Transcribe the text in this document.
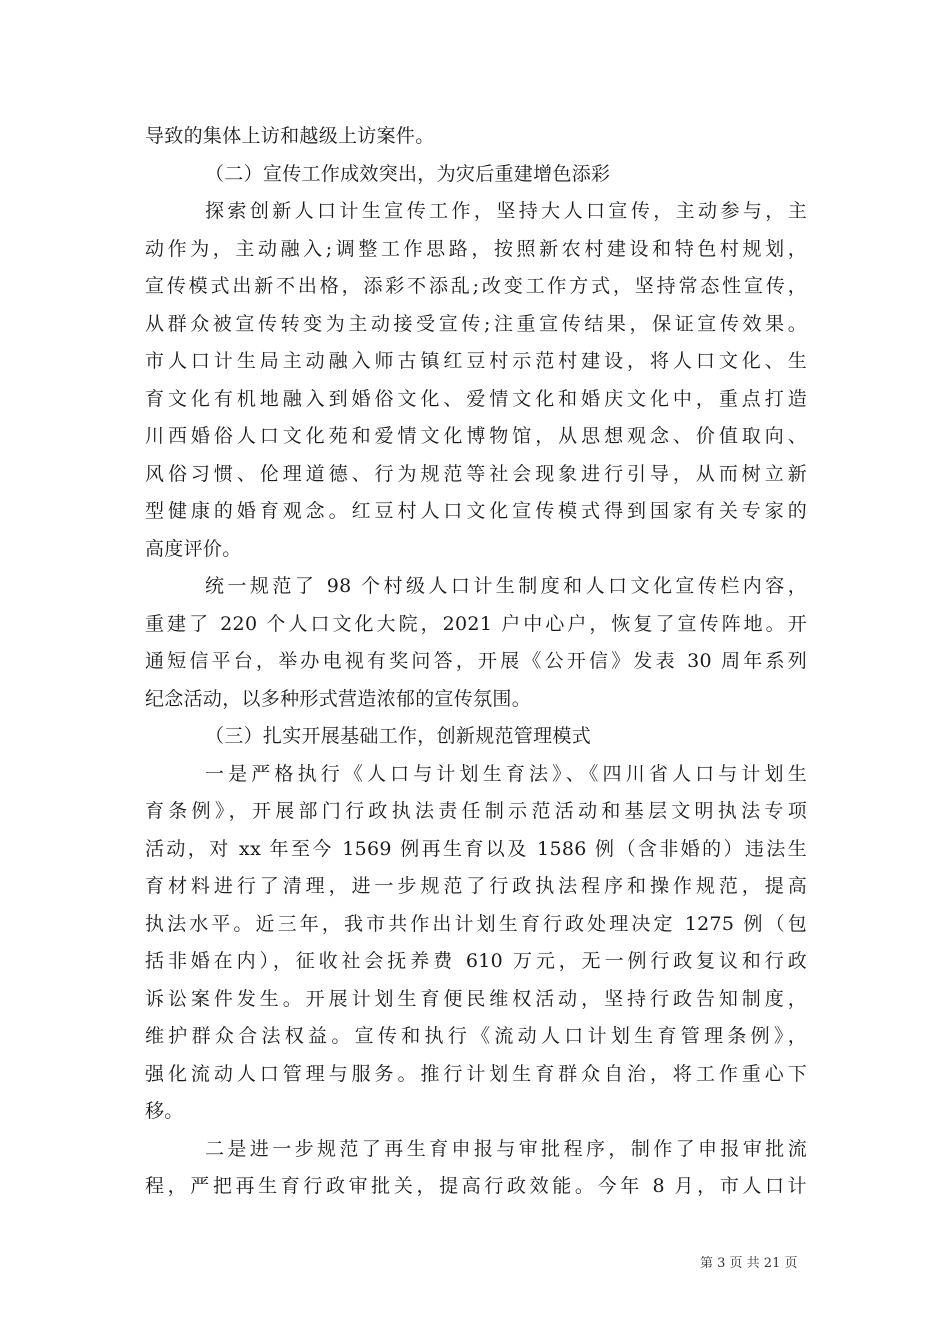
导致的集体上访和越级上访案件。
（二）宣传工作成效突出，为灾后重建增色添彩
探索创新人口计生宣传工作，坚持大人口宣传，主动参与，主
动作为，主动融入;调整工作思路，按照新农村建设和特色村规划，
宣传模式出新不出格，添彩不添乱;改变工作方式，坚持常态性宣传，
从群众被宣传转变为主动接受宣传;注重宣传结果，保证宣传效果。
市人口计生局主动融入师古镇红豆村示范村建设，将人口文化、生
育文化有机地融入到婚俗文化、爱情文化和婚庆文化中，重点打造
川西婚俗人口文化苑和爱情文化博物馆，从思想观念、价值取向、
风俗习惯、伦理道德、行为规范等社会现象进行引导，从而树立新
型健康的婚育观念。红豆村人口文化宣传模式得到国家有关专家的
高度评价。
统一规范了 98 个村级人口计生制度和人口文化宣传栏内容，
重建了 220 个人口文化大院，2021 户中心户，恢复了宣传阵地。开
通短信平台，举办电视有奖问答，开展《公开信》发表 30 周年系列
纪念活动，以多种形式营造浓郁的宣传氛围。
（三）扎实开展基础工作，创新规范管理模式
一是严格执行《人口与计划生育法》、《四川省人口与计划生
育条例》，开展部门行政执法责任制示范活动和基层文明执法专项
活动，对 xx 年至今 1569 例再生育以及 1586 例（含非婚的）违法生
育材料进行了清理，进一步规范了行政执法程序和操作规范，提高
执法水平。近三年，我市共作出计划生育行政处理决定 1275 例（包
括非婚在内），征收社会抚养费 610 万元，无一例行政复议和行政
诉讼案件发生。开展计划生育便民维权活动，坚持行政告知制度，
维护群众合法权益。宣传和执行《流动人口计划生育管理条例》，
强化流动人口管理与服务。推行计划生育群众自治，将工作重心下
移。
二是进一步规范了再生育申报与审批程序，制作了申报审批流
程，严把再生育行政审批关，提高行政效能。今年 8 月，市人口计
第 3 页 共 21 页
